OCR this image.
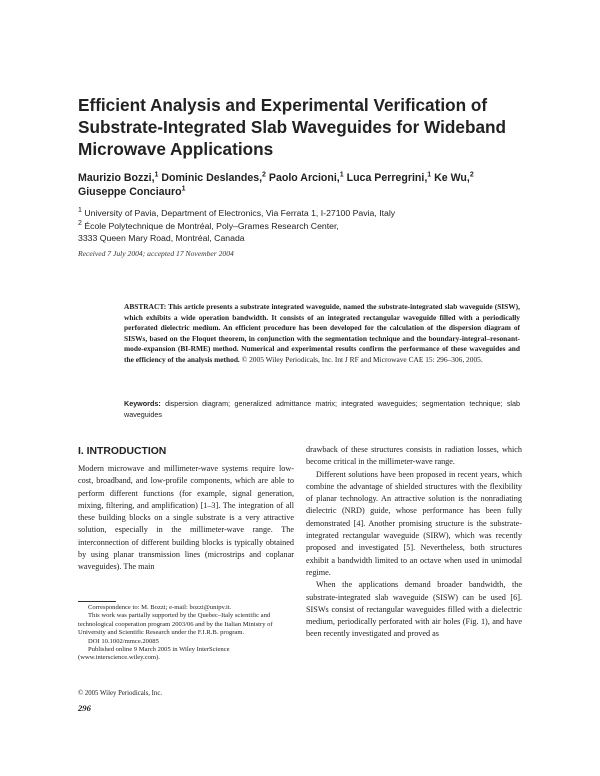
Efficient Analysis and Experimental Verification of Substrate-Integrated Slab Waveguides for Wideband Microwave Applications
Maurizio Bozzi,$^1$ Dominic Deslandes,$^2$ Paolo Arcioni,$^1$ Luca Perregrini,$^1$ Ke Wu,$^2$
Giuseppe Conciauro$^1$
$^1$ University of Pavia, Department of Electronics, Via Ferrata 1, I-27100 Pavia, Italy
$^2$ École Polytechnique de Montréal, Poly–Grames Research Center,
3333 Queen Mary Road, Montréal, Canada
Received 7 July 2004; accepted 17 November 2004
ABSTRACT: This article presents a substrate integrated waveguide, named the substrate-integrated slab waveguide (SISW), which exhibits a wide operation bandwidth. It consists of an integrated rectangular waveguide filled with a periodically perforated dielectric medium. An efficient procedure has been developed for the calculation of the dispersion diagram of SISWs, based on the Floquet theorem, in conjunction with the segmentation technique and the boundary-integral–resonant-mode-expansion (BI-RME) method. Numerical and experimental results confirm the performance of these waveguides and the efficiency of the analysis method. © 2005 Wiley Periodicals, Inc. Int J RF and Microwave CAE 15: 296–306, 2005.
Keywords: dispersion diagram; generalized admittance matrix; integrated waveguides; segmentation technique; slab waveguides
I. INTRODUCTION

Modern microwave and millimeter-wave systems require low-cost, broadband, and low-profile components, which are able to perform different functions (for example, signal generation, mixing, filtering, and amplification) [1–3]. The integration of all these building blocks on a single substrate is a very attractive solution, especially in the millimeter-wave range. The interconnection of different building blocks is typically obtained by using planar transmission lines (microstrips and coplanar waveguides). The main

Correspondence to: M. Bozzi; e-mail: bozzi@unipv.it.

This work was partially supported by the Quebec–Italy scientific and technological cooperation program 2003/06 and by the Italian Ministry of University and Scientific Research under the F.I.R.B. program.

DOI 10.1002/mmce.20085

Published online 9 March 2005 in Wiley InterScience (www.interscience.wiley.com).

drawback of these structures consists in radiation losses, which become critical in the millimeter-wave range.

Different solutions have been proposed in recent years, which combine the advantage of shielded structures with the flexibility of planar technology. An attractive solution is the nonradiating dielectric (NRD) guide, whose performance has been fully demonstrated [4]. Another promising structure is the substrate-integrated rectangular waveguide (SIRW), which was recently proposed and investigated [5]. Nevertheless, both structures exhibit a bandwidth limited to an octave when used in unimodal regime.

When the applications demand broader bandwidth, the substrate-integrated slab waveguide (SISW) can be used [6]. SISWs consist of rectangular waveguides filled with a dielectric medium, periodically perforated with air holes (Fig. 1), and have been recently investigated and proved as

© 2005 Wiley Periodicals, Inc.
296
